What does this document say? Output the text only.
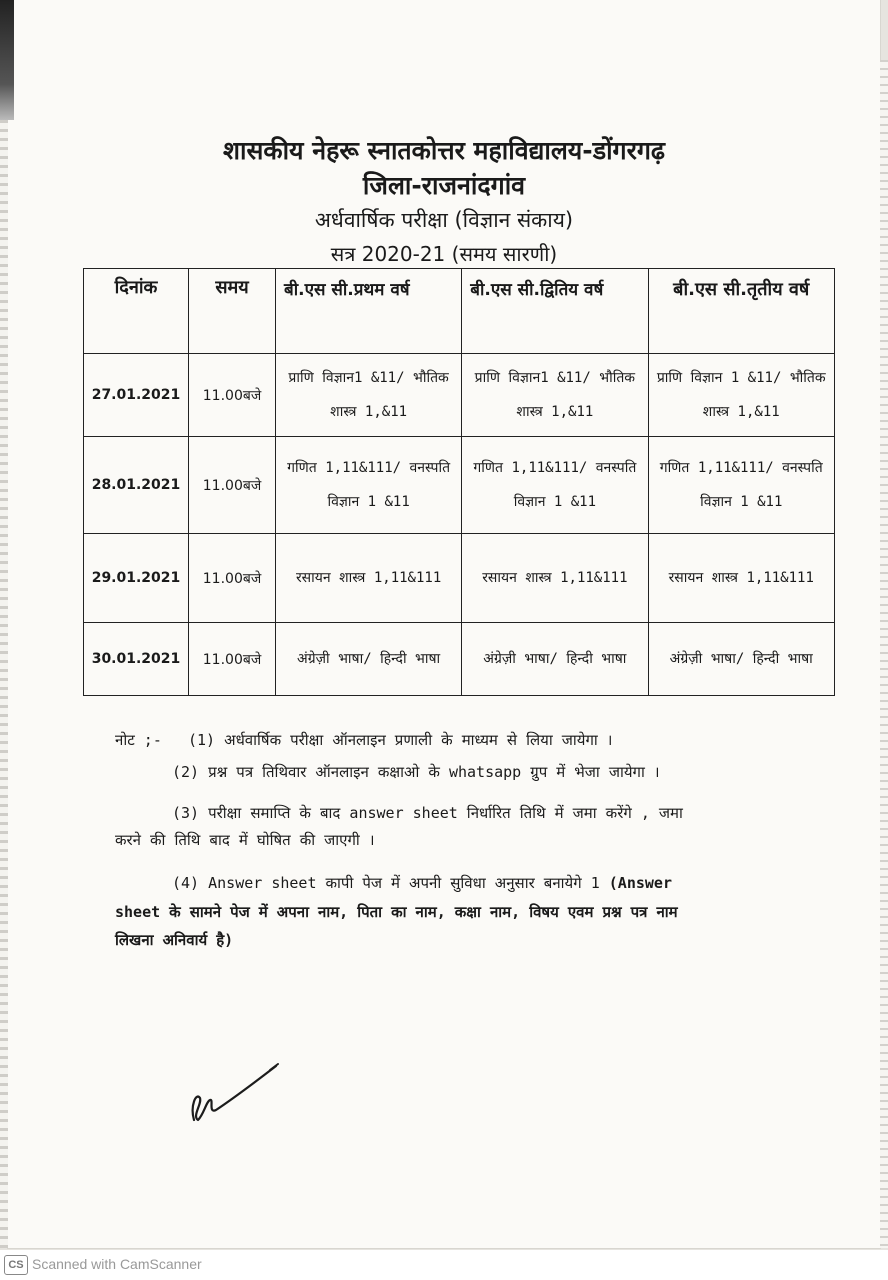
शासकीय नेहरू स्नातकोत्तर महाविद्यालय-डोंगरगढ़
जिला-राजनांदगांव
अर्धवार्षिक परीक्षा (विज्ञान संकाय)
सत्र 2020-21 (समय सारणी)
दिनांक	समय	बी.एस सी.प्रथम वर्ष	बी.एस सी.द्वितिय वर्ष	बी.एस सी.तृतीय वर्ष
27.01.2021	11.00बजे	प्राणि विज्ञान1 &11/ भौतिक शास्त्र 1,&11	प्राणि विज्ञान1 &11/ भौतिक शास्त्र 1,&11	प्राणि विज्ञान 1 &11/ भौतिक शास्त्र 1,&11
28.01.2021	11.00बजे	गणित 1,11&111/ वनस्पति विज्ञान 1 &11	गणित 1,11&111/ वनस्पति विज्ञान 1 &11	गणित 1,11&111/ वनस्पति विज्ञान 1 &11
29.01.2021	11.00बजे	रसायन शास्त्र 1,11&111	रसायन शास्त्र 1,11&111	रसायन शास्त्र 1,11&111
30.01.2021	11.00बजे	अंग्रेज़ी भाषा/ हिन्दी भाषा	अंग्रेज़ी भाषा/ हिन्दी भाषा	अंग्रेज़ी भाषा/ हिन्दी भाषा
नोट ;- (1) अर्धवार्षिक परीक्षा ऑनलाइन प्रणाली के माध्यम से लिया जायेगा ।
(2) प्रश्न पत्र तिथिवार ऑनलाइन कक्षाओ के whatsapp ग्रुप में भेजा जायेगा ।
(3) परीक्षा समाप्ति के बाद answer sheet निर्धारित तिथि में जमा करेंगे , जमा
करने की तिथि बाद में घोषित की जाएगी ।
(4) Answer sheet कापी पेज में अपनी सुविधा अनुसार बनायेगे 1 (Answer
sheet के सामने पेज में अपना नाम, पिता का नाम, कक्षा नाम, विषय एवम प्रश्न पत्र नाम
लिखना अनिवार्य है)
CS Scanned with CamScanner
